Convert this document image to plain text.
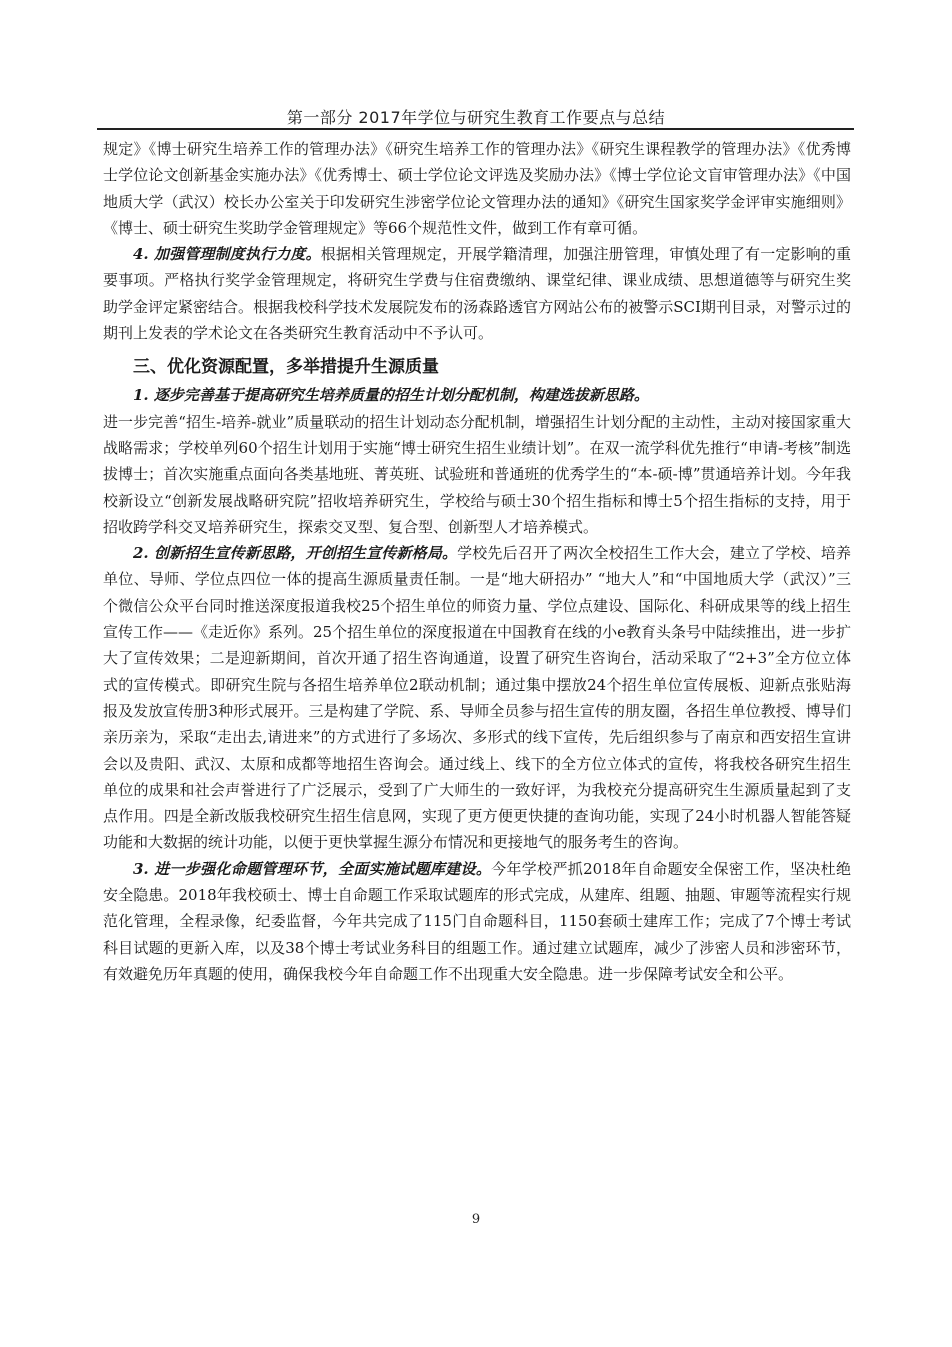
第一部分 2017年学位与研究生教育工作要点与总结

规定》《博士研究生培养工作的管理办法》《研究生培养工作的管理办法》《研究生课程教学的管理办法》《优秀博士学位论文创新基金实施办法》《优秀博士、硕士学位论文评选及奖励办法》《博士学位论文盲审管理办法》《中国地质大学（武汉）校长办公室关于印发研究生涉密学位论文管理办法的通知》《研究生国家奖学金评审实施细则》《博士、硕士研究生奖助学金管理规定》等66个规范性文件，做到工作有章可循。

4. 加强管理制度执行力度。根据相关管理规定，开展学籍清理，加强注册管理，审慎处理了有一定影响的重要事项。严格执行奖学金管理规定，将研究生学费与住宿费缴纳、课堂纪律、课业成绩、思想道德等与研究生奖助学金评定紧密结合。根据我校科学技术发展院发布的汤森路透官方网站公布的被警示SCI期刊目录，对警示过的期刊上发表的学术论文在各类研究生教育活动中不予认可。

三、优化资源配置，多举措提升生源质量

1. 逐步完善基于提高研究生培养质量的招生计划分配机制，构建选拔新思路。

进一步完善“招生-培养-就业”质量联动的招生计划动态分配机制，增强招生计划分配的主动性，主动对接国家重大战略需求；学校单列60个招生计划用于实施“博士研究生招生业绩计划”。在双一流学科优先推行“申请-考核”制选拔博士；首次实施重点面向各类基地班、菁英班、试验班和普通班的优秀学生的“本-硕-博”贯通培养计划。今年我校新设立“创新发展战略研究院”招收培养研究生，学校给与硕士30个招生指标和博士5个招生指标的支持，用于招收跨学科交叉培养研究生，探索交叉型、复合型、创新型人才培养模式。

2. 创新招生宣传新思路，开创招生宣传新格局。学校先后召开了两次全校招生工作大会，建立了学校、培养单位、导师、学位点四位一体的提高生源质量责任制。一是“地大研招办” “地大人”和“中国地质大学（武汉）”三个微信公众平台同时推送深度报道我校25个招生单位的师资力量、学位点建设、国际化、科研成果等的线上招生宣传工作——《走近你》系列。25个招生单位的深度报道在中国教育在线的小e教育头条号中陆续推出，进一步扩大了宣传效果；二是迎新期间，首次开通了招生咨询通道，设置了研究生咨询台，活动采取了“2+3”全方位立体式的宣传模式。即研究生院与各招生培养单位2联动机制；通过集中摆放24个招生单位宣传展板、迎新点张贴海报及发放宣传册3种形式展开。三是构建了学院、系、导师全员参与招生宣传的朋友圈，各招生单位教授、博导们亲历亲为，采取“走出去,请进来”的方式进行了多场次、多形式的线下宣传，先后组织参与了南京和西安招生宣讲会以及贵阳、武汉、太原和成都等地招生咨询会。通过线上、线下的全方位立体式的宣传，将我校各研究生招生单位的成果和社会声誉进行了广泛展示，受到了广大师生的一致好评，为我校充分提高研究生生源质量起到了支点作用。四是全新改版我校研究生招生信息网，实现了更方便更快捷的查询功能，实现了24小时机器人智能答疑功能和大数据的统计功能，以便于更快掌握生源分布情况和更接地气的服务考生的咨询。

3. 进一步强化命题管理环节，全面实施试题库建设。今年学校严抓2018年自命题安全保密工作，坚决杜绝安全隐患。2018年我校硕士、博士自命题工作采取试题库的形式完成，从建库、组题、抽题、审题等流程实行规范化管理，全程录像，纪委监督，今年共完成了115门自命题科目，1150套硕士建库工作；完成了7个博士考试科目试题的更新入库，以及38个博士考试业务科目的组题工作。通过建立试题库，减少了涉密人员和涉密环节，有效避免历年真题的使用，确保我校今年自命题工作不出现重大安全隐患。进一步保障考试安全和公平。

9
